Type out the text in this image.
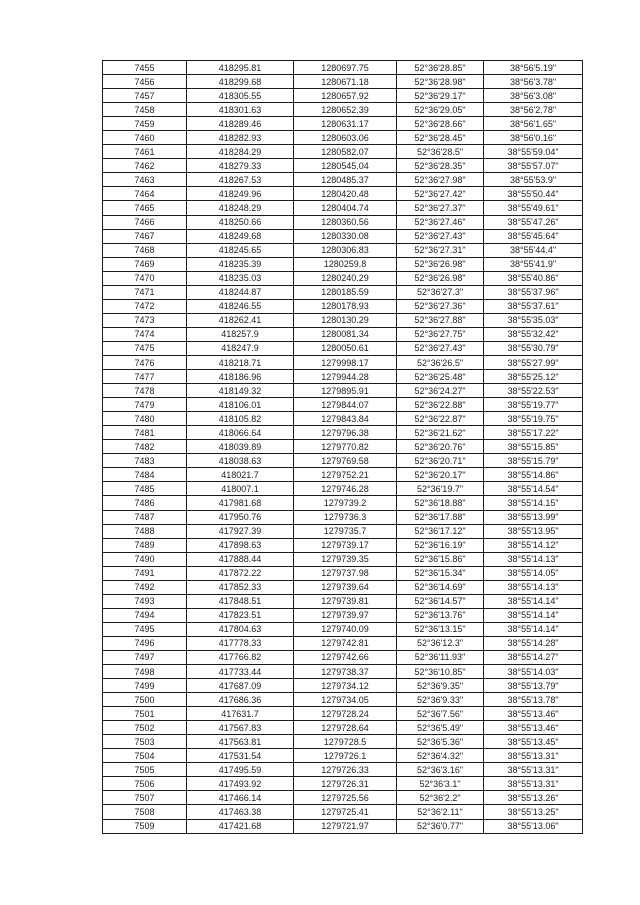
7455	418295.81	1280697.75	52°36'28.85"	38°56'5.19"
7456	418299.68	1280671.18	52°36'28.98"	38°56'3.78"
7457	418305.55	1280657.92	52°36'29.17"	38°56'3.08"
7458	418301.63	1280652.39	52°36'29.05"	38°56'2.78"
7459	418289.46	1280631.17	52°36'28.66"	38°56'1.65"
7460	418282.93	1280603.06	52°36'28.45"	38°56'0.16"
7461	418284.29	1280582.07	52°36'28.5"	38°55'59.04"
7462	418279.33	1280545.04	52°36'28.35"	38°55'57.07"
7463	418267.53	1280485.37	52°36'27.98"	38°55'53.9"
7464	418249.96	1280420.48	52°36'27.42"	38°55'50.44"
7465	418248.29	1280404.74	52°36'27.37"	38°55'49.61"
7466	418250.66	1280360.56	52°36'27.46"	38°55'47.26"
7467	418249.68	1280330.08	52°36'27.43"	38°55'45.64"
7468	418245.65	1280306.83	52°36'27.31"	38°55'44.4"
7469	418235.39	1280259.8	52°36'26.98"	38°55'41.9"
7470	418235.03	1280240.29	52°36'26.98"	38°55'40.86"
7471	418244.87	1280185.59	52°36'27.3"	38°55'37.96"
7472	418246.55	1280178.93	52°36'27.36"	38°55'37.61"
7473	418262.41	1280130.29	52°36'27.88"	38°55'35.03"
7474	418257.9	1280081.34	52°36'27.75"	38°55'32.42"
7475	418247.9	1280050.61	52°36'27.43"	38°55'30.79"
7476	418218.71	1279998.17	52°36'26.5"	38°55'27.99"
7477	418186.96	1279944.28	52°36'25.48"	38°55'25.12"
7478	418149.32	1279895.91	52°36'24.27"	38°55'22.53"
7479	418106.01	1279844.07	52°36'22.88"	38°55'19.77"
7480	418105.82	1279843.84	52°36'22.87"	38°55'19.75"
7481	418066.64	1279796.38	52°36'21.62"	38°55'17.22"
7482	418039.89	1279770.82	52°36'20.76"	38°55'15.85"
7483	418038.63	1279769.58	52°36'20.71"	38°55'15.79"
7484	418021.7	1279752.21	52°36'20.17"	38°55'14.86"
7485	418007.1	1279746.28	52°36'19.7"	38°55'14.54"
7486	417981.68	1279739.2	52°36'18.88"	38°55'14.15"
7487	417950.76	1279736.3	52°36'17.88"	38°55'13.99"
7488	417927.39	1279735.7	52°36'17.12"	38°55'13.95"
7489	417898.63	1279739.17	52°36'16.19"	38°55'14.12"
7490	417888.44	1279739.35	52°36'15.86"	38°55'14.13"
7491	417872.22	1279737.98	52°36'15.34"	38°55'14.05"
7492	417852.33	1279739.64	52°36'14.69"	38°55'14.13"
7493	417848.51	1279739.81	52°36'14.57"	38°55'14.14"
7494	417823.51	1279739.97	52°36'13.76"	38°55'14.14"
7495	417804.63	1279740.09	52°36'13.15"	38°55'14.14"
7496	417778.33	1279742.81	52°36'12.3"	38°55'14.28"
7497	417766.82	1279742.66	52°36'11.93"	38°55'14.27"
7498	417733.44	1279738.37	52°36'10.85"	38°55'14.03"
7499	417687.09	1279734.12	52°36'9.35"	38°55'13.79"
7500	417686.36	1279734.05	52°36'9.33"	38°55'13.78"
7501	417631.7	1279728.24	52°36'7.56"	38°55'13.46"
7502	417567.83	1279728.64	52°36'5.49"	38°55'13.46"
7503	417563.81	1279728.5	52°36'5.36"	38°55'13.45"
7504	417531.54	1279726.1	52°36'4.32"	38°55'13.31"
7505	417495.59	1279726.33	52°36'3.16"	38°55'13.31"
7506	417493.92	1279726.31	52°36'3.1"	38°55'13.31"
7507	417466.14	1279725.56	52°36'2.2"	38°55'13.26"
7508	417463.38	1279725.41	52°36'2.11"	38°55'13.25"
7509	417421.68	1279721.97	52°36'0.77"	38°55'13.06"
